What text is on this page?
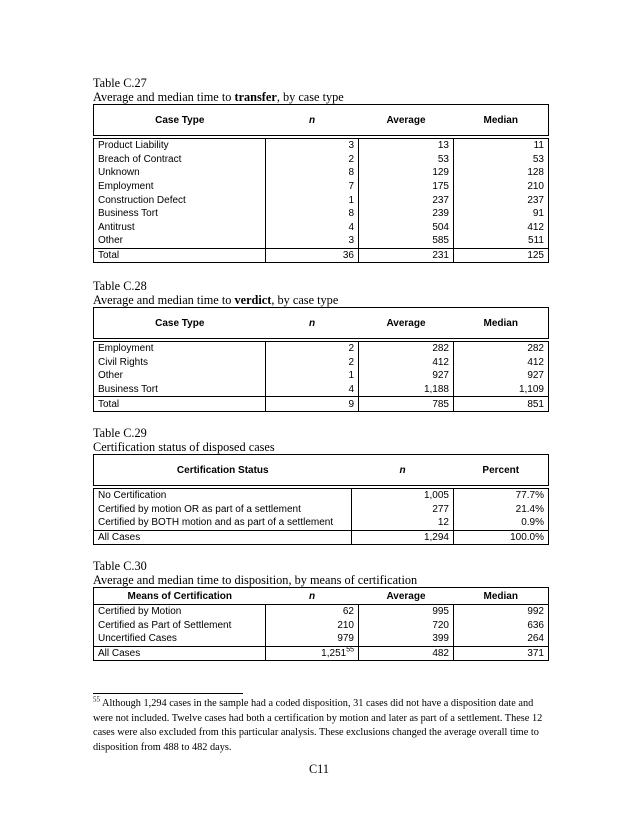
Table C.27
Average and median time to transfer, by case type
Case Type	n	Average	Median

Product Liability	3	13	11
Breach of Contract	2	53	53
Unknown	8	129	128
Employment	7	175	210
Construction Defect	1	237	237
Business Tort	8	239	91
Antitrust	4	504	412
Other	3	585	511
Total	36	231	125
Table C.28
Average and median time to verdict, by case type
Case Type	n	Average	Median

Employment	2	282	282
Civil Rights	2	412	412
Other	1	927	927
Business Tort	4	1,188	1,109
Total	9	785	851
Table C.29
Certification status of disposed cases
Certification Status	n	Percent

No Certification	1,005	77.7%
Certified by motion OR as part of a settlement	277	21.4%
Certified by BOTH motion and as part of a settlement	12	0.9%
All Cases	1,294	100.0%
Table C.30
Average and median time to disposition, by means of certification
Means of Certification	n	Average	Median
Certified by Motion	62	995	992
Certified as Part of Settlement	210	720	636
Uncertified Cases	979	399	264
All Cases	1,251$^{55}$	482	371
$^{55}$ Although 1,294 cases in the sample had a coded disposition, 31 cases did not have a disposition date and were not included. Twelve cases had both a certification by motion and later as part of a settlement. These 12 cases were also excluded from this particular analysis. These exclusions changed the average overall time to disposition from 488 to 482 days.
C11
